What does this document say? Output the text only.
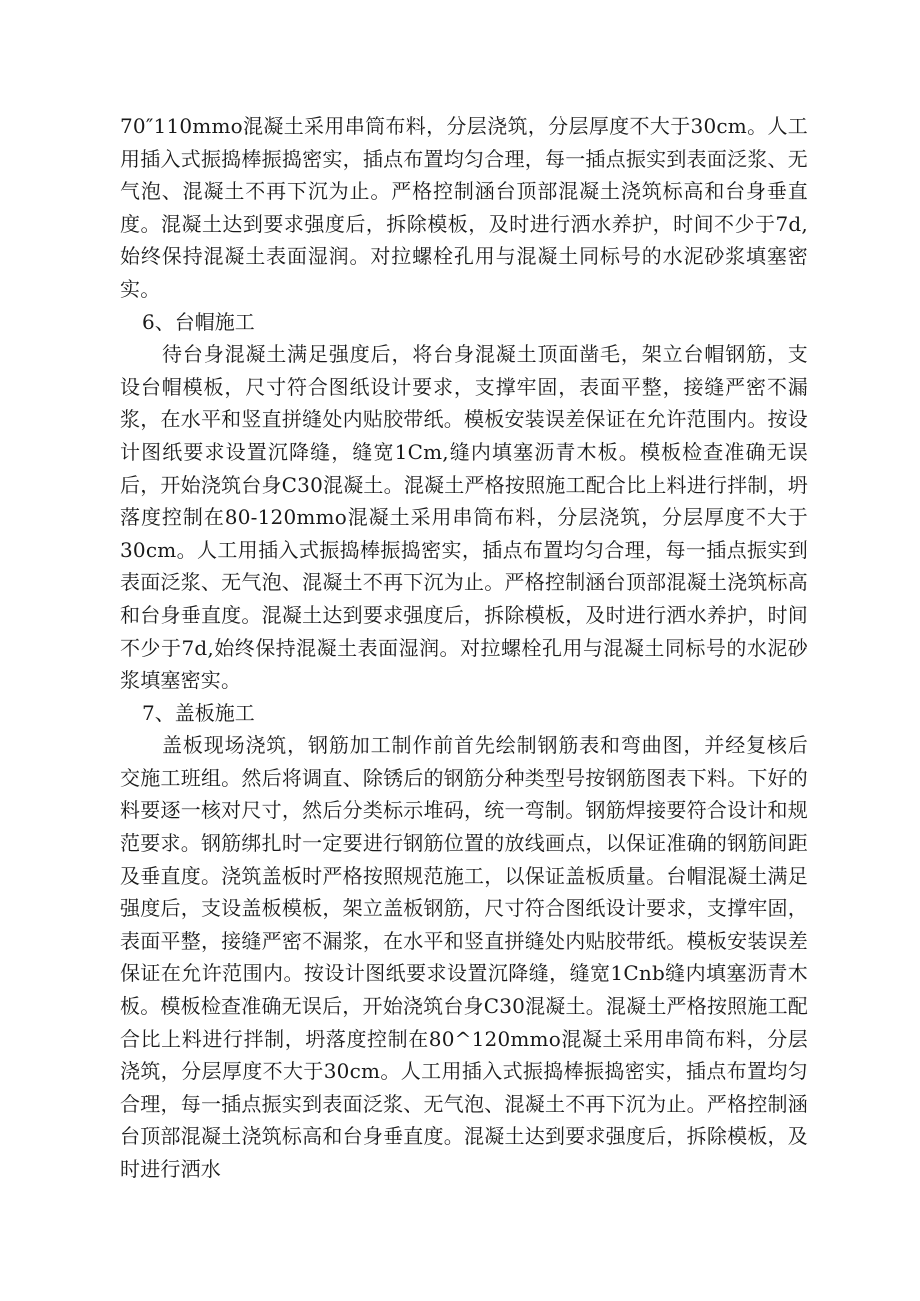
70″110mmo混凝土采用串筒布料，分层浇筑，分层厚度不大于30cm。人工用插入式振捣棒振捣密实，插点布置均匀合理，每一插点振实到表面泛浆、无气泡、混凝土不再下沉为止。严格控制涵台顶部混凝土浇筑标高和台身垂直度。混凝土达到要求强度后，拆除模板，及时进行洒水养护，时间不少于7d,始终保持混凝土表面湿润。对拉螺栓孔用与混凝土同标号的水泥砂浆填塞密实。

6、台帽施工

待台身混凝土满足强度后，将台身混凝土顶面凿毛，架立台帽钢筋，支设台帽模板，尺寸符合图纸设计要求，支撑牢固，表面平整，接缝严密不漏浆，在水平和竖直拼缝处内贴胶带纸。模板安装误差保证在允许范围内。按设计图纸要求设置沉降缝，缝宽1Cm,缝内填塞沥青木板。模板检查准确无误后，开始浇筑台身C30混凝土。混凝土严格按照施工配合比上料进行拌制，坍落度控制在80-120mmo混凝土采用串筒布料，分层浇筑，分层厚度不大于30cm。人工用插入式振捣棒振捣密实，插点布置均匀合理，每一插点振实到表面泛浆、无气泡、混凝土不再下沉为止。严格控制涵台顶部混凝土浇筑标高和台身垂直度。混凝土达到要求强度后，拆除模板，及时进行洒水养护，时间不少于7d,始终保持混凝土表面湿润。对拉螺栓孔用与混凝土同标号的水泥砂浆填塞密实。

7、盖板施工

盖板现场浇筑，钢筋加工制作前首先绘制钢筋表和弯曲图，并经复核后交施工班组。然后将调直、除锈后的钢筋分种类型号按钢筋图表下料。下好的料要逐一核对尺寸，然后分类标示堆码，统一弯制。钢筋焊接要符合设计和规范要求。钢筋绑扎时一定要进行钢筋位置的放线画点，以保证准确的钢筋间距及垂直度。浇筑盖板时严格按照规范施工，以保证盖板质量。台帽混凝土满足强度后，支设盖板模板，架立盖板钢筋，尺寸符合图纸设计要求，支撑牢固，表面平整，接缝严密不漏浆，在水平和竖直拼缝处内贴胶带纸。模板安装误差保证在允许范围内。按设计图纸要求设置沉降缝，缝宽1Cnb缝内填塞沥青木板。模板检查准确无误后，开始浇筑台身C30混凝土。混凝土严格按照施工配合比上料进行拌制，坍落度控制在80^120mmo混凝土采用串筒布料，分层浇筑，分层厚度不大于30cm。人工用插入式振捣棒振捣密实，插点布置均匀合理，每一插点振实到表面泛浆、无气泡、混凝土不再下沉为止。严格控制涵台顶部混凝土浇筑标高和台身垂直度。混凝土达到要求强度后，拆除模板，及时进行洒水
